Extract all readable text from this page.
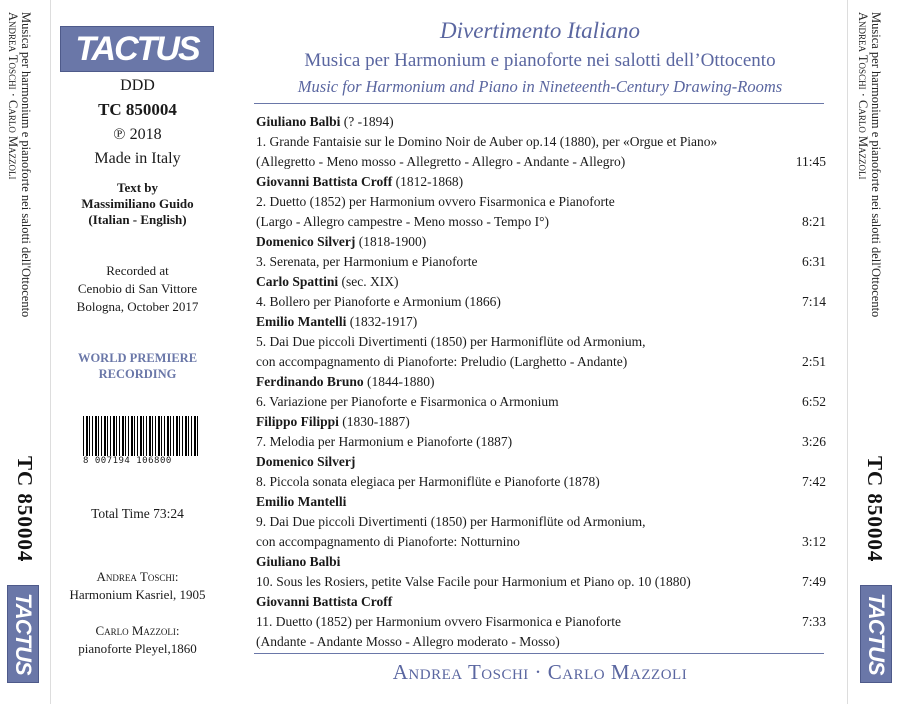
Musica per harmonium e pianoforte nei salotti dell'Ottocento
Andrea Toschi · Carlo Mazzoli
TC 850004
TACTUS
TACTUS
DDD
TC 850004
℗ 2018
Made in Italy
Text by
Massimiliano Guido
(Italian - English)
Recorded at
Cenobio di San Vittore
Bologna, October 2017
WORLD PREMIERE
RECORDING
8 007194 106800
Total Time 73:24
Andrea Toschi:
Harmonium Kasriel, 1905
Carlo Mazzoli:
pianoforte Pleyel,1860
Divertimento Italiano
Musica per Harmonium e pianoforte nei salotti dell’Ottocento
Music for Harmonium and Piano in Nineteenth-Century Drawing-Rooms
Giuliano Balbi (? -1894)
1. Grande Fantaisie sur le Domino Noir de Auber op.14 (1880), per «Orgue et Piano»
(Allegretto - Meno mosso - Allegretto - Allegro - Andante - Allegro)	11:45
Giovanni Battista Croff (1812-1868)
2. Duetto (1852) per Harmonium ovvero Fisarmonica e Pianoforte
(Largo - Allegro campestre - Meno mosso - Tempo I°)	8:21
Domenico Silverj (1818-1900)
3. Serenata, per Harmonium e Pianoforte	6:31
Carlo Spattini (sec. XIX)
4. Bollero per Pianoforte e Armonium (1866)	7:14
Emilio Mantelli (1832-1917)
5. Dai Due piccoli Divertimenti (1850) per Harmoniflüte od Armonium,
con accompagnamento di Pianoforte: Preludio (Larghetto - Andante)	2:51
Ferdinando Bruno (1844-1880)
6. Variazione per Pianoforte e Fisarmonica o Armonium	6:52
Filippo Filippi (1830-1887)
7. Melodia per Harmonium e Pianoforte (1887)	3:26
Domenico Silverj
8. Piccola sonata elegiaca per Harmoniflüte e Pianoforte (1878)	7:42
Emilio Mantelli
9. Dai Due piccoli Divertimenti (1850) per Harmoniflüte od Armonium,
con accompagnamento di Pianoforte: Notturnino	3:12
Giuliano Balbi
10. Sous les Rosiers, petite Valse Facile pour Harmonium et Piano op. 10 (1880)	7:49
Giovanni Battista Croff
11. Duetto (1852) per Harmonium ovvero Fisarmonica e Pianoforte	7:33
(Andante - Andante Mosso - Allegro moderato - Mosso)
Andrea Toschi · Carlo Mazzoli
Musica per harmonium e pianoforte nei salotti dell'Ottocento
Andrea Toschi · Carlo Mazzoli
TC 850004
TACTUS
